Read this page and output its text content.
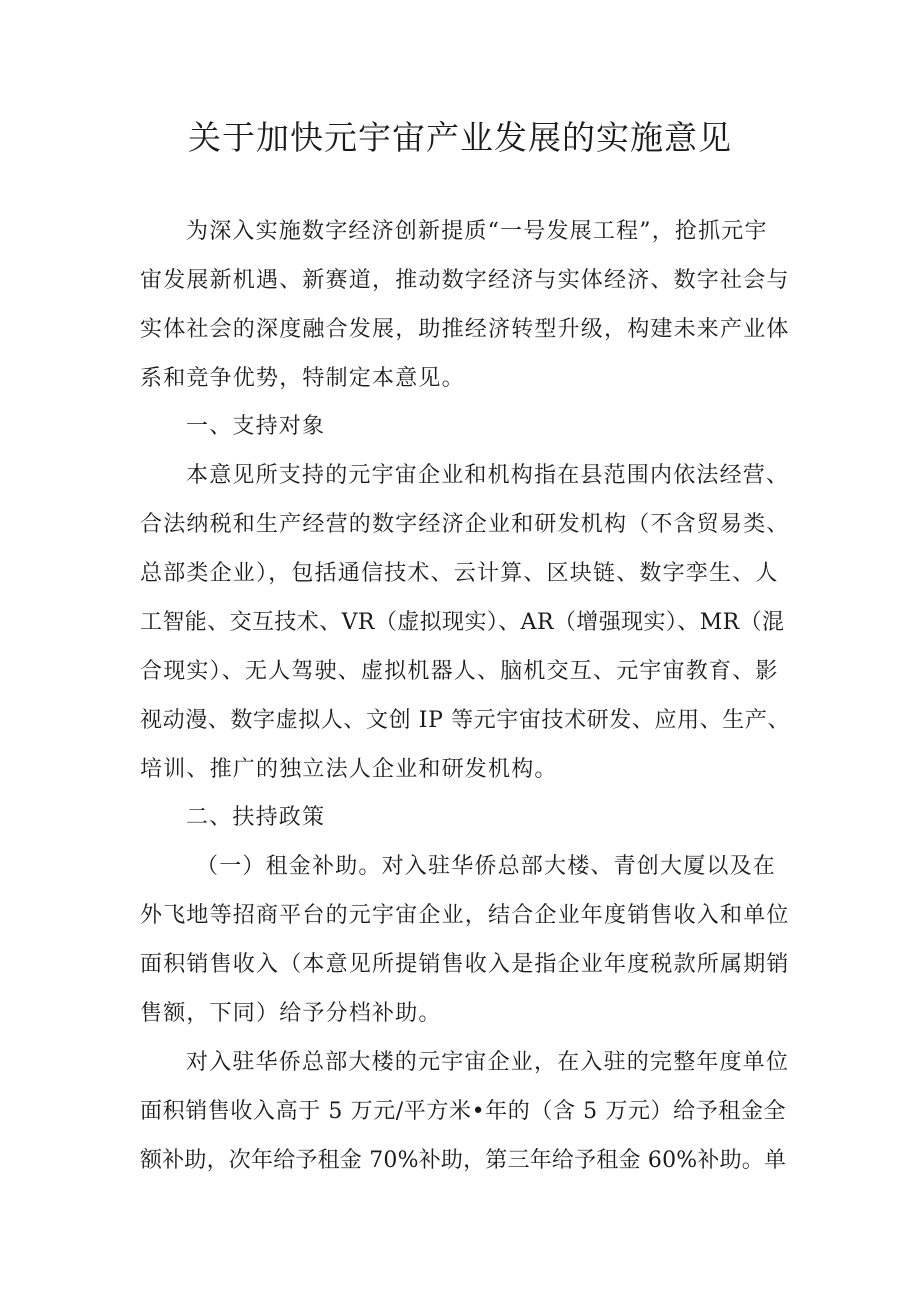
关于加快元宇宙产业发展的实施意见
为深入实施数字经济创新提质“一号发展工程”，抢抓元宇
宙发展新机遇、新赛道，推动数字经济与实体经济、数字社会与
实体社会的深度融合发展，助推经济转型升级，构建未来产业体
系和竞争优势，特制定本意见。
一、支持对象
本意见所支持的元宇宙企业和机构指在县范围内依法经营、
合法纳税和生产经营的数字经济企业和研发机构（不含贸易类、
总部类企业），包括通信技术、云计算、区块链、数字孪生、人
工智能、交互技术、VR（虚拟现实）、AR（增强现实）、MR（混
合现实）、无人驾驶、虚拟机器人、脑机交互、元宇宙教育、影
视动漫、数字虚拟人、文创 IP 等元宇宙技术研发、应用、生产、
培训、推广的独立法人企业和研发机构。
二、扶持政策
（一）租金补助。对入驻华侨总部大楼、青创大厦以及在
外飞地等招商平台的元宇宙企业，结合企业年度销售收入和单位
面积销售收入（本意见所提销售收入是指企业年度税款所属期销
售额，下同）给予分档补助。
对入驻华侨总部大楼的元宇宙企业，在入驻的完整年度单位
面积销售收入高于 5 万元/平方米•年的（含 5 万元）给予租金全
额补助，次年给予租金 70%补助，第三年给予租金 60%补助。单
